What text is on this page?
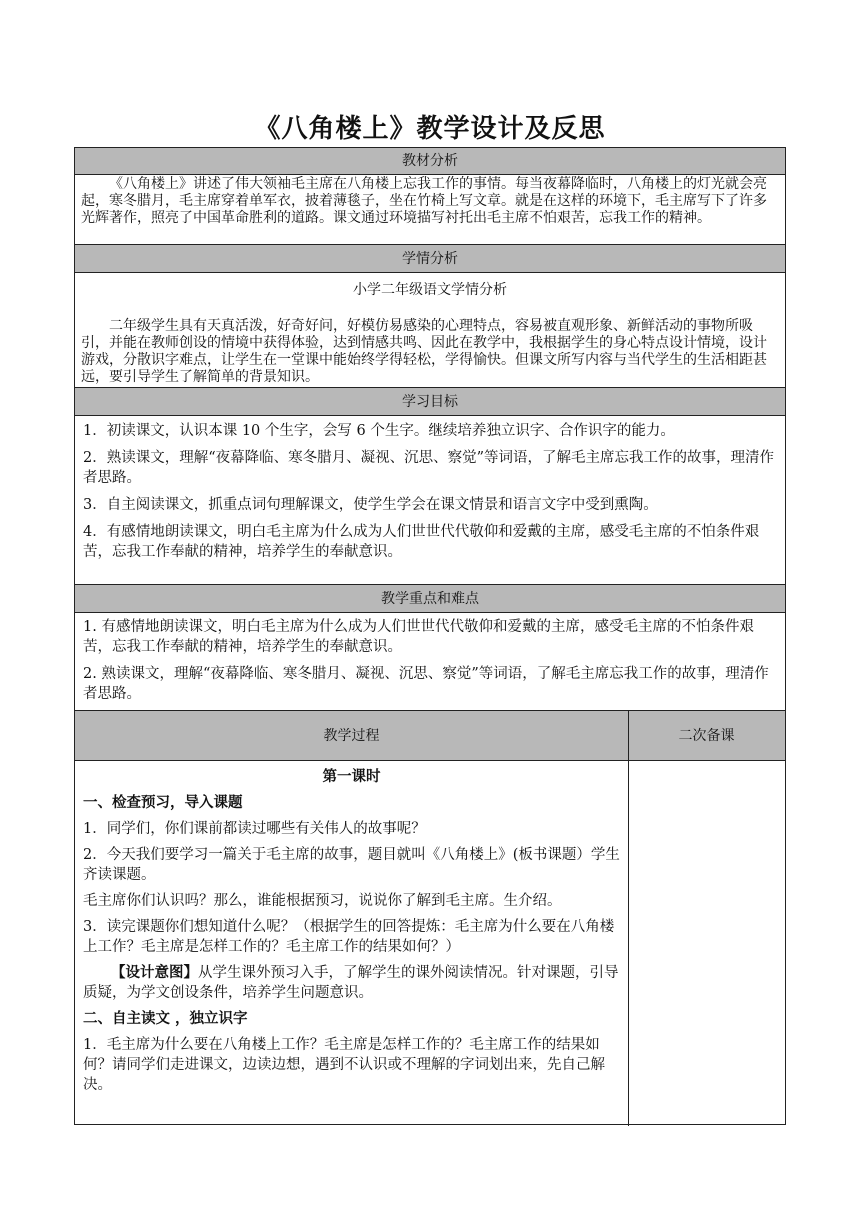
《八角楼上》教学设计及反思
教材分析

《八角楼上》讲述了伟大领袖毛主席在八角楼上忘我工作的事情。每当夜幕降临时，八角楼上的灯光就会亮起，寒冬腊月，毛主席穿着单军衣，披着薄毯子，坐在竹椅上写文章。就是在这样的环境下，毛主席写下了许多光辉著作，照亮了中国革命胜利的道路。课文通过环境描写衬托出毛主席不怕艰苦，忘我工作的精神。

学情分析
小学二年级语文学情分析

二年级学生具有天真活泼，好奇好问，好模仿易感染的心理特点，容易被直观形象、新鲜活动的事物所吸引，并能在教师创设的情境中获得体验，达到情感共鸣、因此在教学中，我根据学生的身心特点设计情境，设计游戏，分散识字难点，让学生在一堂课中能始终学得轻松，学得愉快。但课文所写内容与当代学生的生活相距甚远，要引导学生了解简单的背景知识。

学习目标

1．初读课文，认识本课 10 个生字，会写 6 个生字。继续培养独立识字、合作识字的能力。

2．熟读课文，理解“夜幕降临、寒冬腊月、凝视、沉思、察觉”等词语，了解毛主席忘我工作的故事，理清作者思路。

3．自主阅读课文，抓重点词句理解课文，使学生学会在课文情景和语言文字中受到熏陶。

4．有感情地朗读课文，明白毛主席为什么成为人们世世代代敬仰和爱戴的主席，感受毛主席的不怕条件艰苦，忘我工作奉献的精神，培养学生的奉献意识。

教学重点和难点

1. 有感情地朗读课文，明白毛主席为什么成为人们世世代代敬仰和爱戴的主席，感受毛主席的不怕条件艰苦，忘我工作奉献的精神，培养学生的奉献意识。

2. 熟读课文，理解“夜幕降临、寒冬腊月、凝视、沉思、察觉”等词语，了解毛主席忘我工作的故事，理清作者思路。

教学过程	二次备课
第一课时
一、检查预习，导入课题

1．同学们，你们课前都读过哪些有关伟人的故事呢？

2．今天我们要学习一篇关于毛主席的故事，题目就叫《八角楼上》(板书课题）学生齐读课题。

毛主席你们认识吗？那么，谁能根据预习，说说你了解到毛主席。生介绍。

3．读完课题你们想知道什么呢？（根据学生的回答提炼：毛主席为什么要在八角楼上工作？毛主席是怎样工作的？毛主席工作的结果如何？）

【设计意图】从学生课外预习入手，了解学生的课外阅读情况。针对课题，引导质疑，为学文创设条件，培养学生问题意识。

二、自主读文 ，独立识字

1．毛主席为什么要在八角楼上工作？毛主席是怎样工作的？毛主席工作的结果如何？请同学们走进课文，边读边想，遇到不认识或不理解的字词划出来，先自己解决。
